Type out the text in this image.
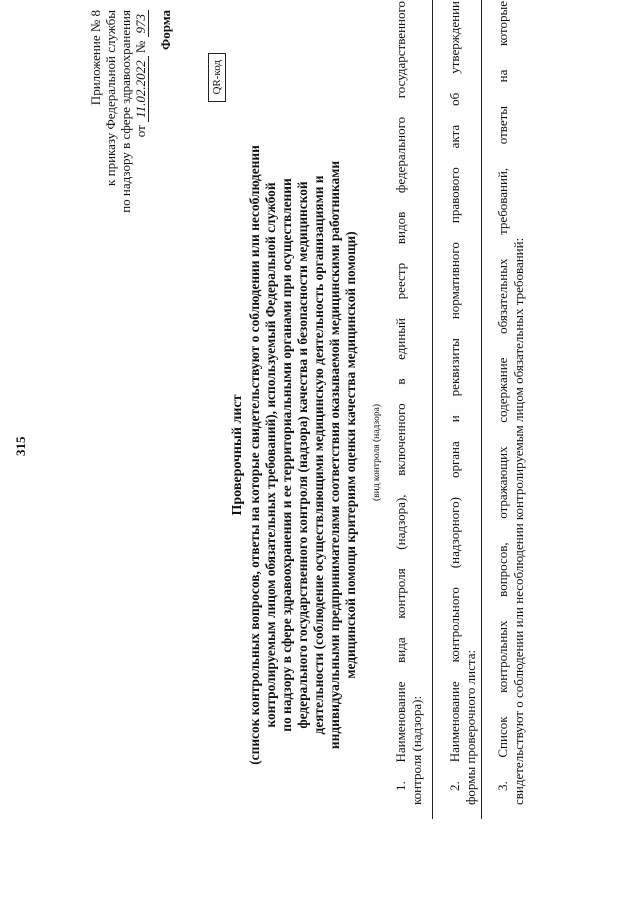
315
Приложение № 8 к приказу Федеральной службы по надзору в сфере здравоохранения от 11.02.2022 № 973 Форма
QR-код
Проверочный лист (список контрольных вопросов, ответы на которые свидетельствуют о соблюдении или несоблюдении контролируемым лицом обязательных требований), используемый Федеральной службой по надзору в сфере здравоохранения и ее территориальными органами при осуществлении федерального государственного контроля (надзора) качества и безопасности медицинской деятельности (соблюдение осуществляющими медицинскую деятельность организациями и индивидуальными предпринимателями соответствия оказываемой медицинскими работниками медицинской помощи критериям оценки качества медицинской помощи) (вид контроля (надзора) 1. Наименование вида контроля (надзора), включенного в единый реестр видов федерального государственного контроля (надзора): 2. Наименование контрольного (надзорного) органа и реквизиты нормативного правового акта об утверждении формы проверочного листа: 3. Список контрольных вопросов, отражающих содержание обязательных требований, ответы на которые свидетельствуют о соблюдении или несоблюдении контролируемым лицом обязательных требований:
